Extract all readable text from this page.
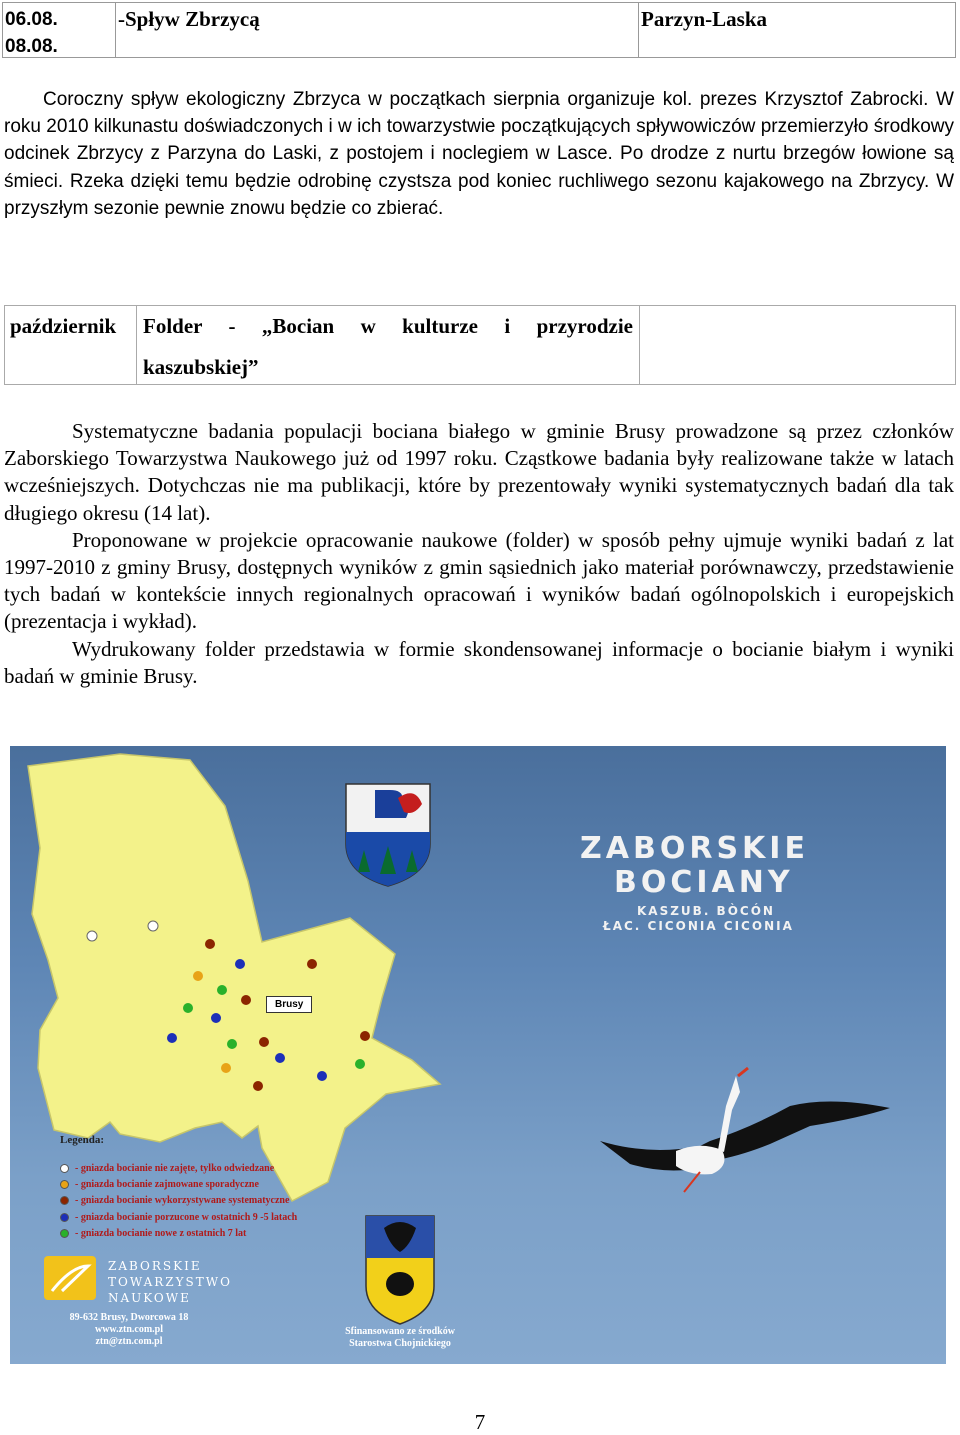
06.08.
08.08.
-Spływ Zbrzycą	Parzyn-Laska
Coroczny spływ ekologiczny Zbrzyca w początkach sierpnia organizuje kol. prezes Krzysztof Zabrocki. W roku 2010 kilkunastu doświadczonych i w ich towarzystwie początkujących spływowiczów przemierzyło środkowy odcinek Zbrzycy z Parzyna do Laski, z postojem i noclegiem w Lasce. Po drodze z nurtu brzegów łowione są śmieci. Rzeka dzięki temu będzie odrobinę czystsza pod koniec ruchliwego sezonu kajakowego na Zbrzycy. W przyszłym sezonie pewnie znowu będzie co zbierać.
październik Folder - „Bocian w kulturze i przyrodzie
kaszubskiej”

Systematyczne badania populacji bociana białego w gminie Brusy prowadzone są przez członków Zaborskiego Towarzystwa Naukowego już od 1997 roku. Cząstkowe badania były realizowane także w latach wcześniejszych. Dotychczas nie ma publikacji, które by prezentowały wyniki systematycznych badań dla tak długiego okresu (14 lat).

Proponowane w projekcie opracowanie naukowe (folder) w sposób pełny ujmuje wyniki badań z lat 1997-2010 z gminy Brusy, dostępnych wyników z gmin sąsiednich jako materiał porównawczy, przedstawienie tych badań w kontekście innych regionalnych opracowań i wyników badań ogólnopolskich i europejskich (prezentacja i wykład).

Wydrukowany folder przedstawia w formie skondensowanej informacje o bocianie białym i wyniki badań w gminie Brusy.

Brusy
ZABORSKIE
BOCIANY
KASZUB. BÒCÓN
ŁAC. CICONIA CICONIA
Legenda:
- gniazda bocianie nie zajęte, tylko odwiedzane
- gniazda bocianie zajmowane sporadyczne
- gniazda bocianie wykorzystywane systematyczne
- gniazda bocianie porzucone w ostatnich 9 -5 latach
- gniazda bocianie nowe z ostatnich 7 lat
ZABORSKIE
TOWARZYSTWO
NAUKOWE
89-632 Brusy, Dworcowa 18
www.ztn.com.pl
ztn@ztn.com.pl
Sfinansowano ze środków
Starostwa Chojnickiego
7
